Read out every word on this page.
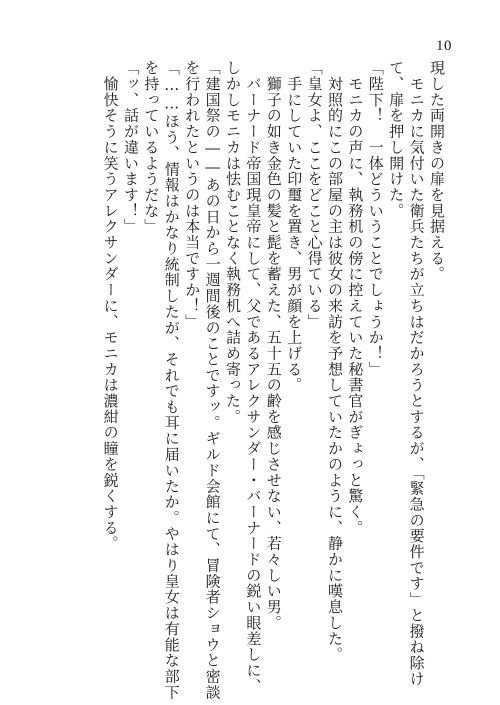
10
現した両開きの扉を見据える。
　モニカに気付いた衛兵たちが立ちはだかろうとするが、「緊急の要件です」と撥ね除け
て、扉を押し開けた。
「陛下！　一体どういうことでしょうか！」
　モニカの声に、執務机の傍に控えていた秘書官がぎょっと驚く。
　対照的にこの部屋の主は彼女の来訪を予想していたかのように、静かに嘆息した。
「皇女よ、ここをどこと心得ている」
　手にしていた印璽を置き、男が顔を上げる。
　獅子の如き金色の髪と髭を蓄えた、五十五の齢を感じさせない、若々しい男。
　バーナード帝国現皇帝にして、父であるアレクサンダー・バーナードの鋭い眼差しに、
しかしモニカは怯むことなく執務机へ詰め寄った。
「建国祭の――あの日から一週間後のことですッ。ギルド会館にて、冒険者ショウと密談
を行われたというのは本当ですか！」
「……ほう、情報はかなり統制したが、それでも耳に届いたか。やはり皇女は有能な部下
を持っているようだな」
「ッ、話が違います！」
　愉快そうに笑うアレクサンダーに、モニカは濃紺の瞳を鋭くする。
